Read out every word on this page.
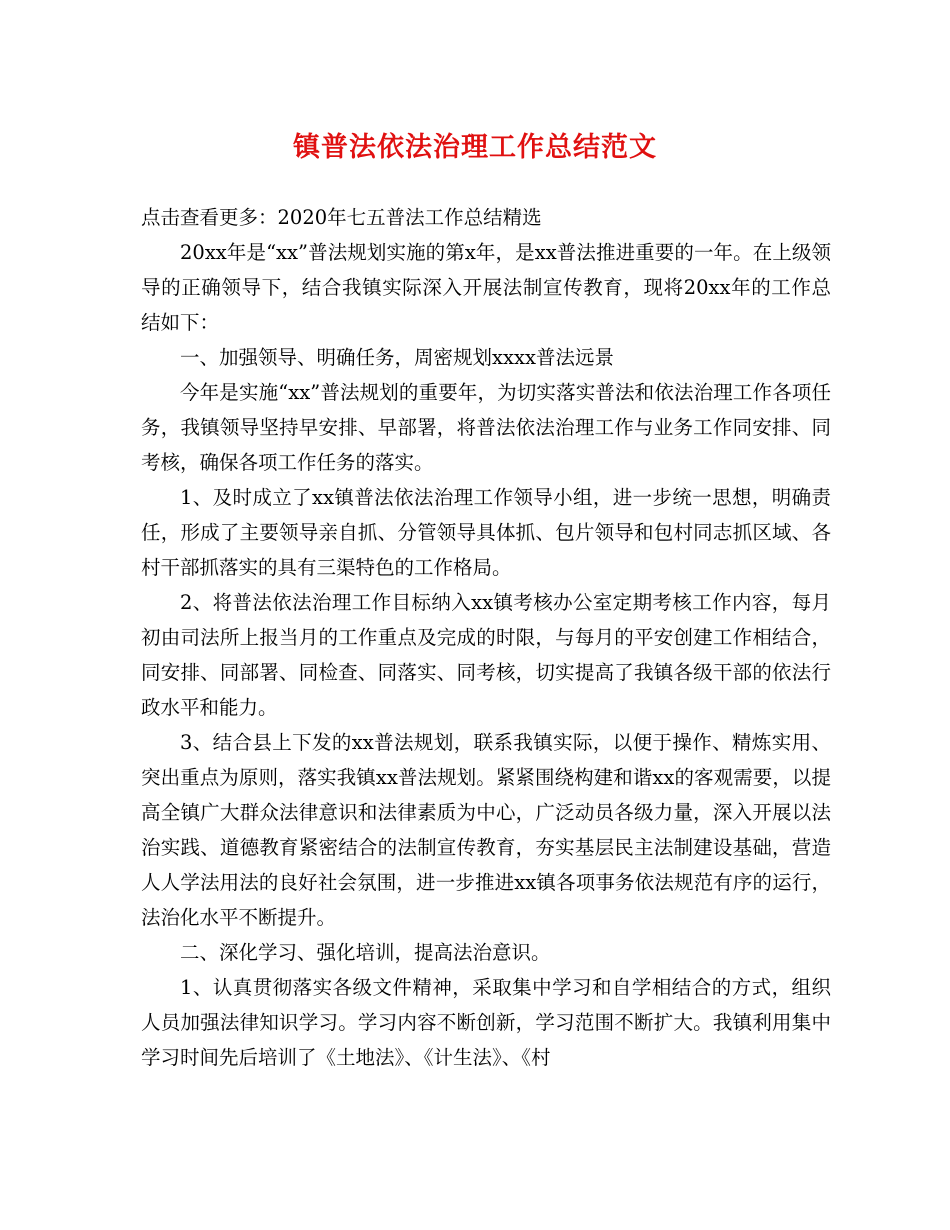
镇普法依法治理工作总结范文

点击查看更多：2020年七五普法工作总结精选

20xx年是“xx”普法规划实施的第x年，是xx普法推进重要的一年。在上级领导的正确领导下，结合我镇实际深入开展法制宣传教育，现将20xx年的工作总结如下：

一、加强领导、明确任务，周密规划xxxx普法远景

今年是实施“xx”普法规划的重要年，为切实落实普法和依法治理工作各项任务，我镇领导坚持早安排、早部署，将普法依法治理工作与业务工作同安排、同考核，确保各项工作任务的落实。

1、及时成立了xx镇普法依法治理工作领导小组，进一步统一思想，明确责任，形成了主要领导亲自抓、分管领导具体抓、包片领导和包村同志抓区域、各村干部抓落实的具有三渠特色的工作格局。

2、将普法依法治理工作目标纳入xx镇考核办公室定期考核工作内容，每月初由司法所上报当月的工作重点及完成的时限，与每月的平安创建工作相结合，同安排、同部署、同检查、同落实、同考核，切实提高了我镇各级干部的依法行政水平和能力。

3、结合县上下发的xx普法规划，联系我镇实际，以便于操作、精炼实用、突出重点为原则，落实我镇xx普法规划。紧紧围绕构建和谐xx的客观需要，以提高全镇广大群众法律意识和法律素质为中心，广泛动员各级力量，深入开展以法治实践、道德教育紧密结合的法制宣传教育，夯实基层民主法制建设基础，营造人人学法用法的良好社会氛围，进一步推进xx镇各项事务依法规范有序的运行，法治化水平不断提升。

二、深化学习、强化培训，提高法治意识。

1、认真贯彻落实各级文件精神，采取集中学习和自学相结合的方式，组织人员加强法律知识学习。学习内容不断创新，学习范围不断扩大。我镇利用集中学习时间先后培训了《土地法》、《计生法》、《村
